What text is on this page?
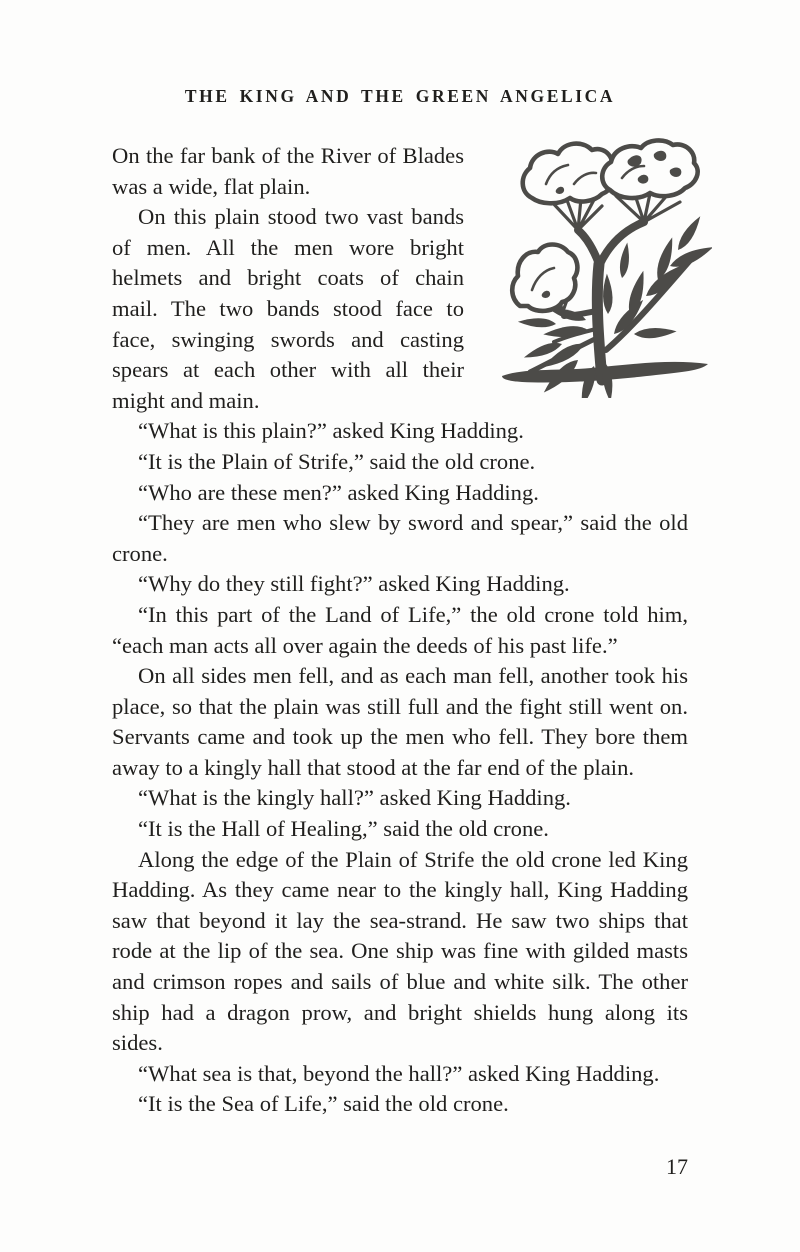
THE KING AND THE GREEN ANGELICA
On the far bank of the River of Blades
was a wide, flat plain.
On this plain stood two vast bands
of men. All the men wore bright
helmets and bright coats of chain
mail. The two bands stood face to
face, swinging swords and casting
spears at each other with all their
might and main.
“What is this plain?” asked King Hadding.
“It is the Plain of Strife,” said the old crone.
“Who are these men?” asked King Hadding.
“They are men who slew by sword and spear,” said the old
crone.
“Why do they still fight?” asked King Hadding.
“In this part of the Land of Life,” the old crone told him,
“each man acts all over again the deeds of his past life.”
On all sides men fell, and as each man fell, another took his
place, so that the plain was still full and the fight still went on.
Servants came and took up the men who fell. They bore them
away to a kingly hall that stood at the far end of the plain.
“What is the kingly hall?” asked King Hadding.
“It is the Hall of Healing,” said the old crone.
Along the edge of the Plain of Strife the old crone led King
Hadding. As they came near to the kingly hall, King Hadding
saw that beyond it lay the sea-strand. He saw two ships that
rode at the lip of the sea. One ship was fine with gilded masts
and crimson ropes and sails of blue and white silk. The other
ship had a dragon prow, and bright shields hung along its
sides.
“What sea is that, beyond the hall?” asked King Hadding.
“It is the Sea of Life,” said the old crone.
17
